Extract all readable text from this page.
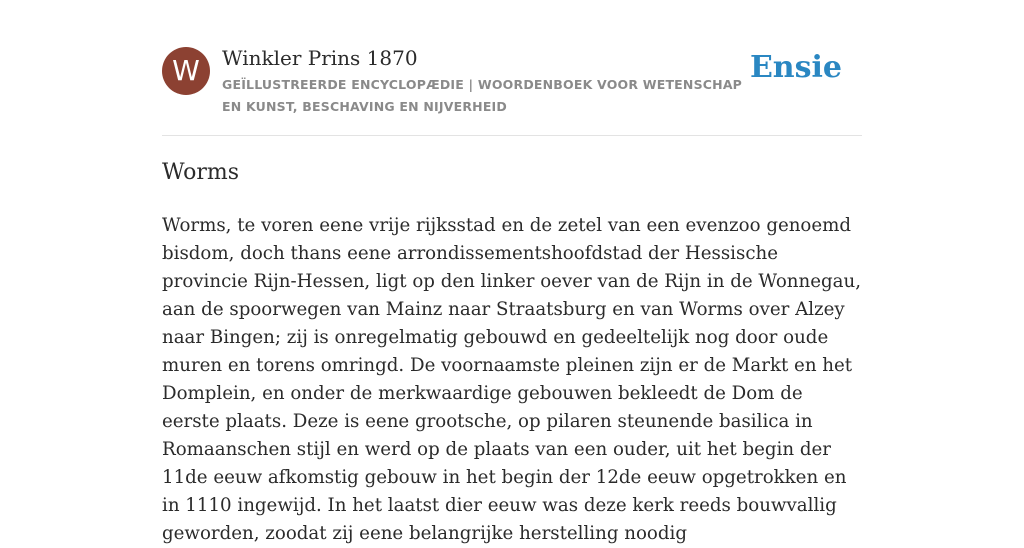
W	Winkler Prins 1870
GEÏLLUSTREERDE ENCYCLOPÆDIE | WOORDENBOEK VOOR WETENSCHAP EN KUNST, BESCHAVING EN NIJVERHEID
Ensie
Worms

Worms, te voren eene vrije rijksstad en de zetel van een evenzoo genoemd bisdom, doch thans eene arrondissementshoofdstad der Hessische provincie Rijn-Hessen, ligt op den linker oever van de Rijn in de Wonnegau, aan de spoorwegen van Mainz naar Straatsburg en van Worms over Alzey naar Bingen; zij is onregelmatig gebouwd en gedeeltelijk nog door oude muren en torens omringd. De voornaamste pleinen zijn er de Markt en het Domplein, en onder de merkwaardige gebouwen bekleedt de Dom de eerste plaats. Deze is eene grootsche, op pilaren steunende basilica in Romaanschen stijl en werd op de plaats van een ouder, uit het begin der 11de eeuw afkomstig gebouw in het begin der 12de eeuw opgetrokken en in 1110 ingewijd. In het laatst dier eeuw was deze kerk reeds bouwvallig geworden, zoodat zij eene belangrijke herstelling noodig
